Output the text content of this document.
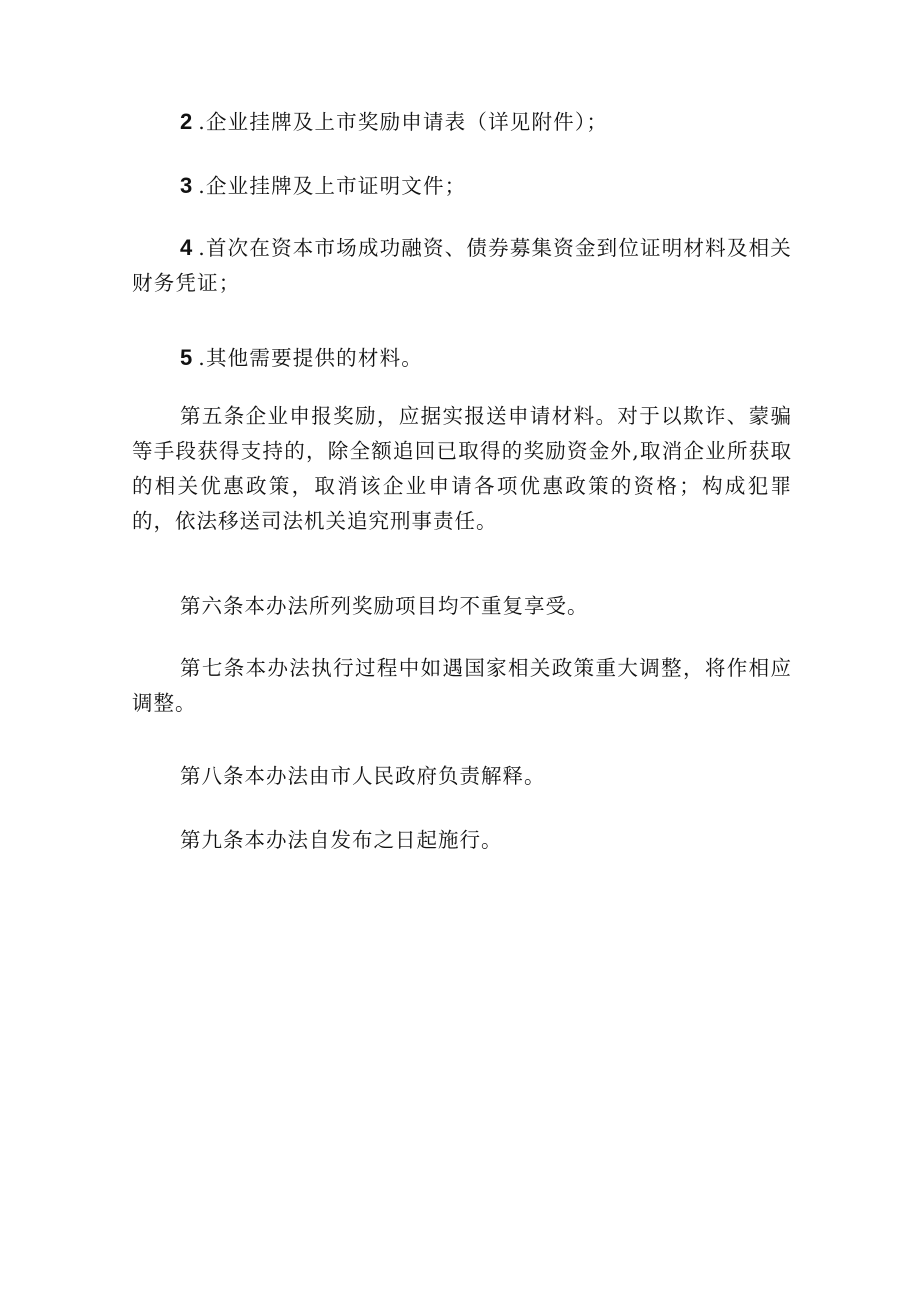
2 .企业挂牌及上市奖励申请表（详见附件）；

3 .企业挂牌及上市证明文件；

4 .首次在资本市场成功融资、债券募集资金到位证明材料及相关财务凭证；

5 .其他需要提供的材料。

第五条企业申报奖励，应据实报送申请材料。对于以欺诈、蒙骗等手段获得支持的，除全额追回已取得的奖励资金外,取消企业所获取的相关优惠政策，取消该企业申请各项优惠政策的资格；构成犯罪的，依法移送司法机关追究刑事责任。

第六条本办法所列奖励项目均不重复享受。

第七条本办法执行过程中如遇国家相关政策重大调整，将作相应调整。

第八条本办法由市人民政府负责解释。

第九条本办法自发布之日起施行。
